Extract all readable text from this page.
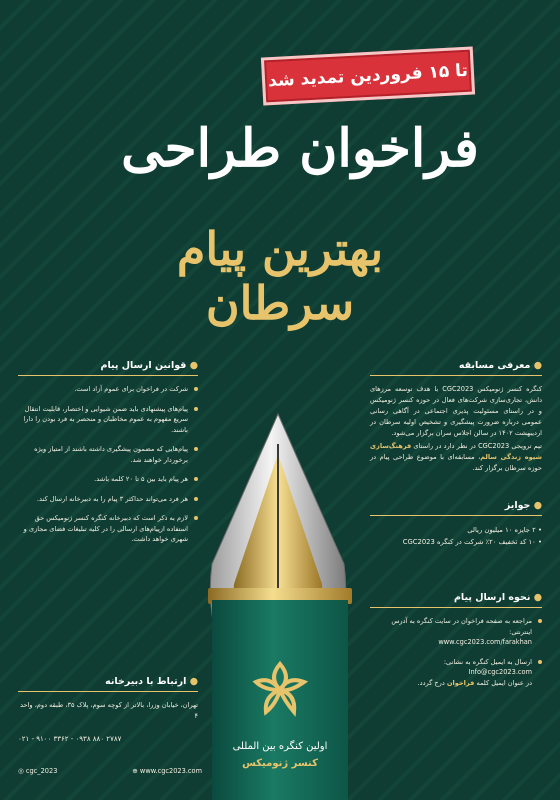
تا ۱۵ فروردین تمدید شد
فراخوان طراحی
بهترین پیام سرطان
● معرفی مسابقه
کنگره کنسر ژنومیکس CGC2023 با هدف توسعه مرزهای دانش، تجاری‌سازی شرکت‌های فعال در حوزه کنسر ژنومیکس و در راستای مسئولیت پذیری اجتماعی در آگاهی رسانی عمومی درباره ضرورت پیشگیری و تشخیص اولیه سرطان در اردیبهشت ۱۴۰۲ در سالن اجلاس سران برگزار می‌شود.
تیم ترویجی CGC2023 در نظر دارد در راستای فرهنگ‌سازی شیوه زندگی سالم، مسابقه‌ای با موضوع طراحی پیام در حوزه سرطان برگزار کند.
● جوایز
• ۲ جایزه ۱۰ میلیون ریالی
• ۱۰ کد تخفیف ۲۰٪ شرکت در کنگره CGC2023
● نحوه ارسال پیام
مراجعه به صفحه فراخوان در سایت کنگره به آدرس اینترنتی:
www.cgc2023.com/farakhan
ارسال به ایمیل کنگره به نشانی:
Info@cgc2023.com
در عنوان ایمیل کلمه فراخوان درج گردد.
● قوانین ارسال پیام
شرکت در فراخوان برای عموم آزاد است.
پیام‌های پیشنهادی باید ضمن شیوایی و اختصار، قابلیت انتقال سریع مفهوم به عموم مخاطبان و منحصر به فرد بودن را دارا باشند.
پیام‌هایی که مضمون پیشگیری داشته باشند از امتیاز ویژه برخوردار خواهند شد.
هر پیام باید بین ۵ تا ۲۰ کلمه باشد.
هر فرد می‌تواند حداکثر ۳ پیام را به دبیرخانه ارسال کند.
لازم به ذکر است که دبیرخانه کنگره کنسر ژنومیکس حق استفاده ازپیام‌های ارسالی را در کلیه تبلیغات فضای مجازی و شهری خواهد داشت.
● ارتباط با دبیرخانه
تهران، خیابان وزرا، بالاتر از کوچه سوم، پلاک ۳۵، طبقه دوم، واحد ۴
۰۲۱ - ۹۱۰۰ ۳۳۶۲ - ۰۹۳۸ ۸۸۰ ۲۷۸۷
◎ cgc_2023	⊕ www.cgc2023.com
اولین کنگره بین المللی
کنسر ژنومیکس
